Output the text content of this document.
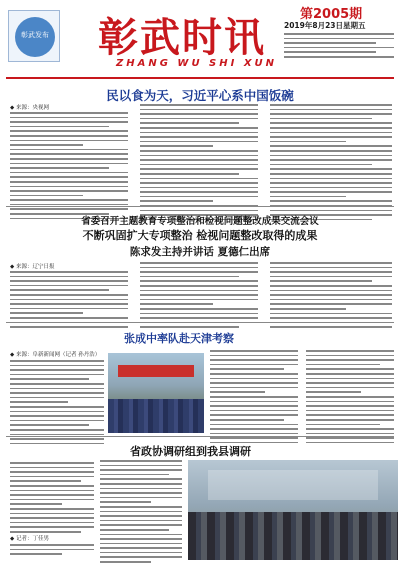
彰武发布	彰武时讯
ZHANG WU SHI XUN
第2005期
2019年8月23日星期五
民以食为天，习近平心系中国饭碗
◆ 来源：央视网
省委召开主题教育专项整治和检视问题整改成果交流会议
不断巩固扩大专项整治 检视问题整改取得的成果
陈求发主持并讲话 夏德仁出席
◆ 来源：辽宁日报
张成中率队赴天津考察
◆ 来源：阜新新闻网（记者 孙丹浩）
省政协调研组到我县调研
◆ 记者：丁佳男
